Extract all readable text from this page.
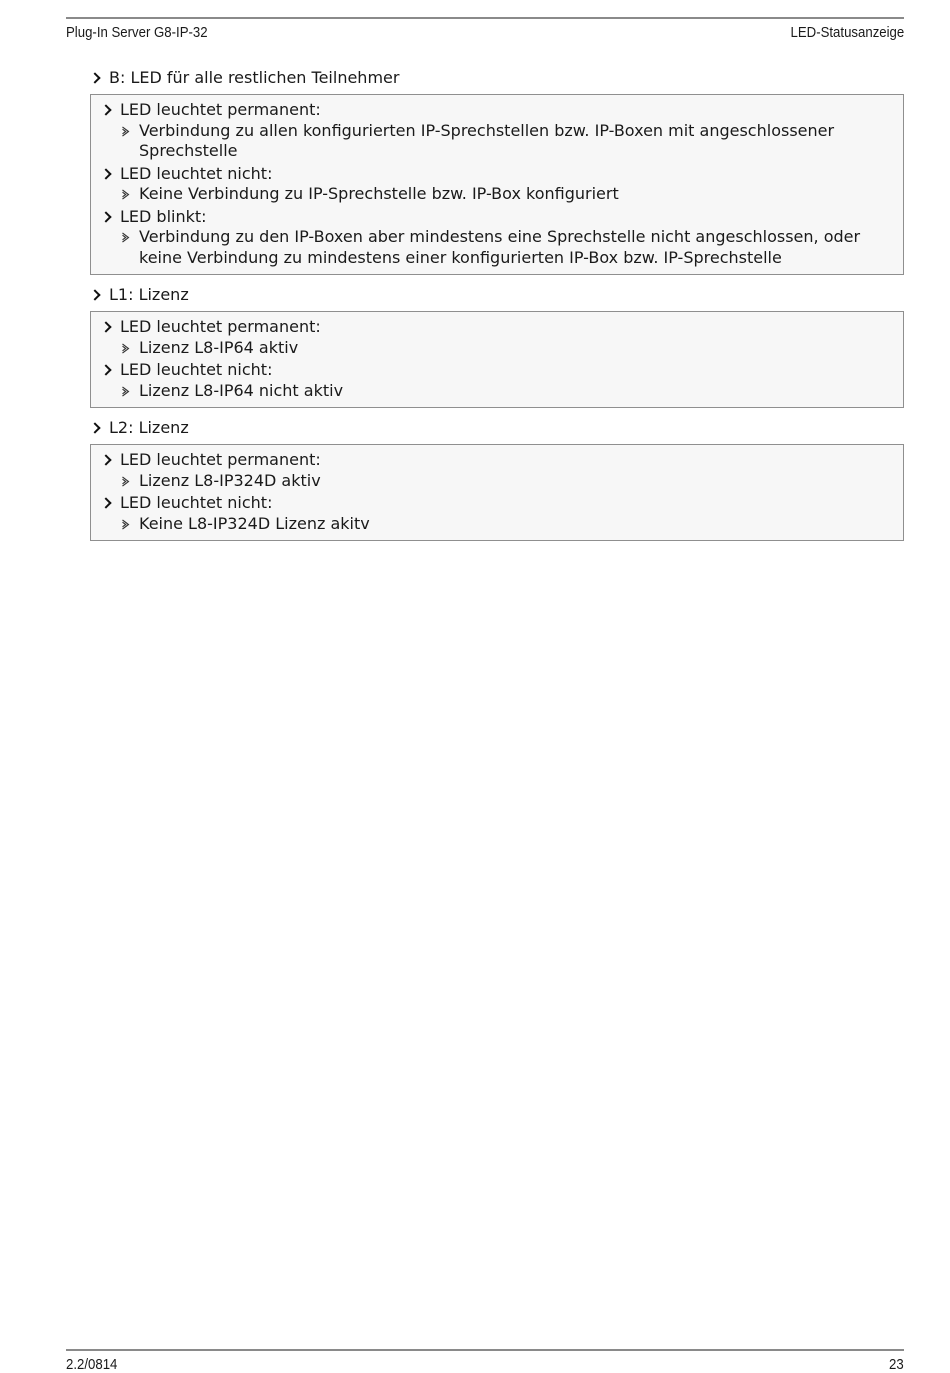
Plug-In Server G8-IP-32	LED-Statusanzeige
B: LED für alle restlichen Teilnehmer
LED leuchtet permanent:
Verbindung zu allen konfigurierten IP-Sprechstellen bzw. IP-Boxen mit angeschlossener Sprechstelle
LED leuchtet nicht:
Keine Verbindung zu IP-Sprechstelle bzw. IP-Box konfiguriert
LED blinkt:
Verbindung zu den IP-Boxen aber mindestens eine Sprechstelle nicht angeschlossen, oder keine Verbindung zu mindestens einer konfigurierten IP-Box bzw. IP-Sprechstelle
L1: Lizenz
LED leuchtet permanent:
Lizenz L8-IP64 aktiv
LED leuchtet nicht:
Lizenz L8-IP64 nicht aktiv
L2: Lizenz
LED leuchtet permanent:
Lizenz L8-IP324D aktiv
LED leuchtet nicht:
Keine L8-IP324D Lizenz akitv
2.2/0814	23
